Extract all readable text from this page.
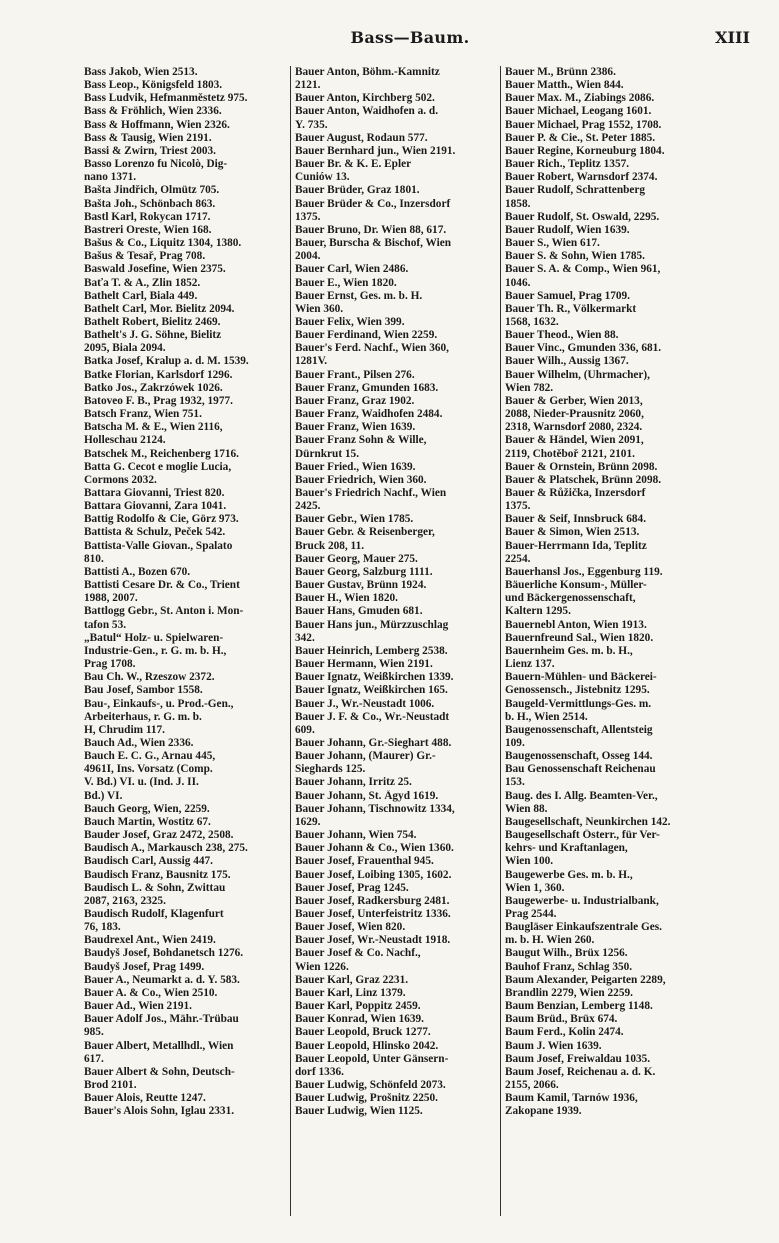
Bass—Baum.	XIII
Bass Jakob, Wien 2513.
Bass Leop., Königsfeld 1803.
Bass Ludvik, Hefmanměstetz 975.
Bass & Fröhlich, Wien 2336.
Bass & Hoffmann, Wien 2326.
Bass & Tausig, Wien 2191.
Bassi & Zwirn, Triest 2003.
Basso Lorenzo fu Nicolò, Dig-
nano 1371.
Bašta Jindřich, Olmütz 705.
Bašta Joh., Schönbach 863.
Bastl Karl, Rokycan 1717.
Bastreri Oreste, Wien 168.
Bašus & Co., Liquitz 1304, 1380.
Bašus & Tesař, Prag 708.
Baswald Josefine, Wien 2375.
Baťa T. & A., Zlin 1852.
Bathelt Carl, Biala 449.
Bathelt Carl, Mor. Bielitz 2094.
Bathelt Robert, Bielitz 2469.
Bathelt's J. G. Söhne, Bielitz
2095, Biala 2094.
Batka Josef, Kralup a. d. M. 1539.
Batke Florian, Karlsdorf 1296.
Batko Jos., Zakrzówek 1026.
Batoveo F. B., Prag 1932, 1977.
Batsch Franz, Wien 751.
Batscha M. & E., Wien 2116,
Holleschau 2124.
Batschek M., Reichenberg 1716.
Batta G. Cecot e moglie Lucia,
Cormons 2032.
Battara Giovanni, Triest 820.
Battara Giovanni, Zara 1041.
Battig Rodolfo & Cie, Görz 973.
Battista & Schulz, Peček 542.
Battista-Valle Giovan., Spalato
810.
Battisti A., Bozen 670.
Battisti Cesare Dr. & Co., Trient
1988, 2007.
Battlogg Gebr., St. Anton i. Mon-
tafon 53.
„Batul“ Holz- u. Spielwaren-
Industrie-Gen., r. G. m. b. H.,
Prag 1708.
Bau Ch. W., Rzeszow 2372.
Bau Josef, Sambor 1558.
Bau-, Einkaufs-, u. Prod.-Gen.,
Arbeiterhaus, r. G. m. b.
H, Chrudim 117.
Bauch Ad., Wien 2336.
Bauch E. C. G., Arnau 445,
4961I, Ins. Vorsatz (Comp.
V. Bd.) VI. u. (Ind. J. II.
Bd.) VI.
Bauch Georg, Wien, 2259.
Bauch Martin, Wostitz 67.
Bauder Josef, Graz 2472, 2508.
Baudisch A., Markausch 238, 275.
Baudisch Carl, Aussig 447.
Baudisch Franz, Bausnitz 175.
Baudisch L. & Sohn, Zwittau
2087, 2163, 2325.
Baudisch Rudolf, Klagenfurt
76, 183.
Baudrexel Ant., Wien 2419.
Baudyš Josef, Bohdanetsch 1276.
Baudyš Josef, Prag 1499.
Bauer A., Neumarkt a. d. Y. 583.
Bauer A. & Co., Wien 2510.
Bauer Ad., Wien 2191.
Bauer Adolf Jos., Mähr.-Trübau
985.
Bauer Albert, Metallhdl., Wien
617.
Bauer Albert & Sohn, Deutsch-
Brod 2101.
Bauer Alois, Reutte 1247.
Bauer's Alois Sohn, Iglau 2331.
Bauer Anton, Böhm.-Kamnitz
2121.
Bauer Anton, Kirchberg 502.
Bauer Anton, Waidhofen a. d.
Y. 735.
Bauer August, Rodaun 577.
Bauer Bernhard jun., Wien 2191.
Bauer Br. & K. E. Epler
Cuniów 13.
Bauer Brüder, Graz 1801.
Bauer Brüder & Co., Inzersdorf
1375.
Bauer Bruno, Dr. Wien 88, 617.
Bauer, Burscha & Bischof, Wien
2004.
Bauer Carl, Wien 2486.
Bauer E., Wien 1820.
Bauer Ernst, Ges. m. b. H.
Wien 360.
Bauer Felix, Wien 399.
Bauer Ferdinand, Wien 2259.
Bauer's Ferd. Nachf., Wien 360,
1281V.
Bauer Frant., Pilsen 276.
Bauer Franz, Gmunden 1683.
Bauer Franz, Graz 1902.
Bauer Franz, Waidhofen 2484.
Bauer Franz, Wien 1639.
Bauer Franz Sohn & Wille,
Dürnkrut 15.
Bauer Fried., Wien 1639.
Bauer Friedrich, Wien 360.
Bauer's Friedrich Nachf., Wien
2425.
Bauer Gebr., Wien 1785.
Bauer Gebr. & Reisenberger,
Bruck 208, 11.
Bauer Georg, Mauer 275.
Bauer Georg, Salzburg 1111.
Bauer Gustav, Brünn 1924.
Bauer H., Wien 1820.
Bauer Hans, Gmuden 681.
Bauer Hans jun., Mürzzuschlag
342.
Bauer Heinrich, Lemberg 2538.
Bauer Hermann, Wien 2191.
Bauer Ignatz, Weißkirchen 1339.
Bauer Ignatz, Weißkirchen 165.
Bauer J., Wr.-Neustadt 1006.
Bauer J. F. & Co., Wr.-Neustadt
609.
Bauer Johann, Gr.-Sieghart 488.
Bauer Johann, (Maurer) Gr.-
Sieghards 125.
Bauer Johann, Irritz 25.
Bauer Johann, St. Ägyd 1619.
Bauer Johann, Tischnowitz 1334,
1629.
Bauer Johann, Wien 754.
Bauer Johann & Co., Wien 1360.
Bauer Josef, Frauenthal 945.
Bauer Josef, Loibing 1305, 1602.
Bauer Josef, Prag 1245.
Bauer Josef, Radkersburg 2481.
Bauer Josef, Unterfeistritz 1336.
Bauer Josef, Wien 820.
Bauer Josef, Wr.-Neustadt 1918.
Bauer Josef & Co. Nachf.,
Wien 1226.
Bauer Karl, Graz 2231.
Bauer Karl, Linz 1379.
Bauer Karl, Poppitz 2459.
Bauer Konrad, Wien 1639.
Bauer Leopold, Bruck 1277.
Bauer Leopold, Hlinsko 2042.
Bauer Leopold, Unter Gänsern-
dorf 1336.
Bauer Ludwig, Schönfeld 2073.
Bauer Ludwig, Prošnitz 2250.
Bauer Ludwig, Wien 1125.
Bauer M., Brünn 2386.
Bauer Matth., Wien 844.
Bauer Max. M., Ziabings 2086.
Bauer Michael, Leogang 1601.
Bauer Michael, Prag 1552, 1708.
Bauer P. & Cie., St. Peter 1885.
Bauer Regine, Korneuburg 1804.
Bauer Rich., Teplitz 1357.
Bauer Robert, Warnsdorf 2374.
Bauer Rudolf, Schrattenberg
1858.
Bauer Rudolf, St. Oswald, 2295.
Bauer Rudolf, Wien 1639.
Bauer S., Wien 617.
Bauer S. & Sohn, Wien 1785.
Bauer S. A. & Comp., Wien 961,
1046.
Bauer Samuel, Prag 1709.
Bauer Th. R., Völkermarkt
1568, 1632.
Bauer Theod., Wien 88.
Bauer Vinc., Gmunden 336, 681.
Bauer Wilh., Aussig 1367.
Bauer Wilhelm, (Uhrmacher),
Wien 782.
Bauer & Gerber, Wien 2013,
2088, Nieder-Prausnitz 2060,
2318, Warnsdorf 2080, 2324.
Bauer & Händel, Wien 2091,
2119, Chotěboř 2121, 2101.
Bauer & Ornstein, Brünn 2098.
Bauer & Platschek, Brünn 2098.
Bauer & Růžička, Inzersdorf
1375.
Bauer & Seif, Innsbruck 684.
Bauer & Simon, Wien 2513.
Bauer-Herrmann Ida, Teplitz
2254.
Bauerhansl Jos., Eggenburg 119.
Bäuerliche Konsum-, Müller-
und Bäckergenossenschaft,
Kaltern 1295.
Bauernebl Anton, Wien 1913.
Bauernfreund Sal., Wien 1820.
Bauernheim Ges. m. b. H.,
Lienz 137.
Bauern-Mühlen- und Bäckerei-
Genossensch., Jistebnitz 1295.
Baugeld-Vermittlungs-Ges. m.
b. H., Wien 2514.
Baugenossenschaft, Allentsteig
109.
Baugenossenschaft, Osseg 144.
Bau Genossenschaft Reichenau
153.
Baug. des I. Allg. Beamten-Ver.,
Wien 88.
Baugesellschaft, Neunkirchen 142.
Baugesellschaft Österr., für Ver-
kehrs- und Kraftanlagen,
Wien 100.
Baugewerbe Ges. m. b. H.,
Wien 1, 360.
Baugewerbe- u. Industrialbank,
Prag 2544.
Baugläser Einkaufszentrale Ges.
m. b. H. Wien 260.
Baugut Wilh., Brüx 1256.
Bauhof Franz, Schlag 350.
Baum Alexander, Peigarten 2289,
Brandlin 2279, Wien 2259.
Baum Benzian, Lemberg 1148.
Baum Brüd., Brüx 674.
Baum Ferd., Kolin 2474.
Baum J. Wien 1639.
Baum Josef, Freiwaldau 1035.
Baum Josef, Reichenau a. d. K.
2155, 2066.
Baum Kamil, Tarnów 1936,
Zakopane 1939.
